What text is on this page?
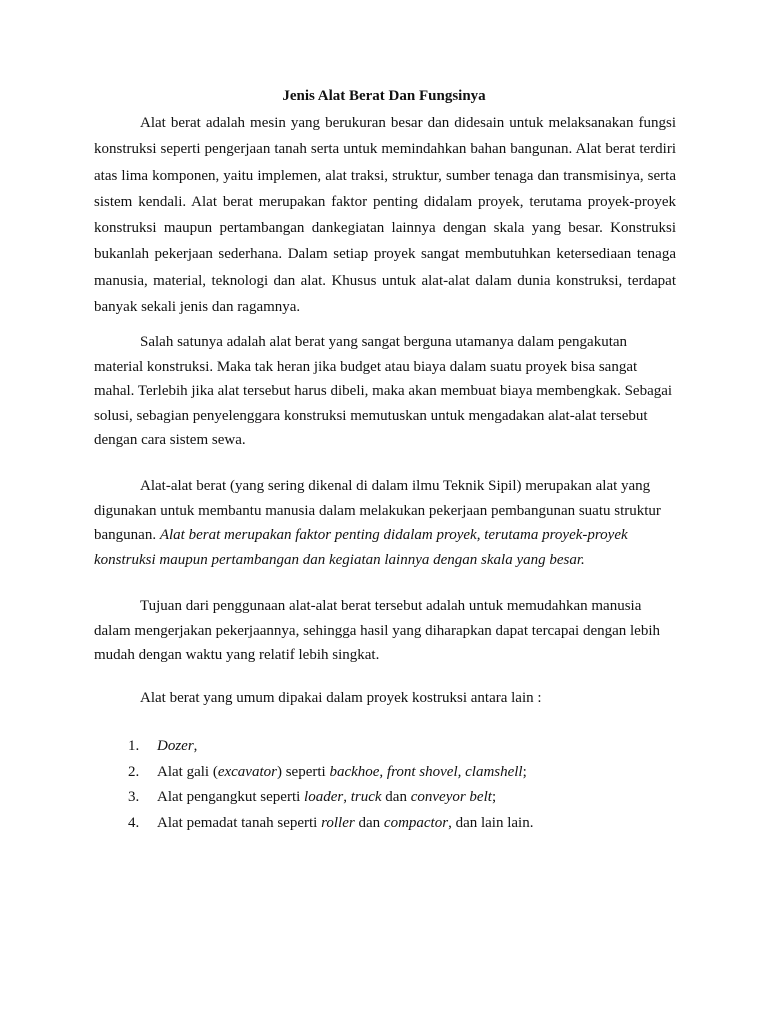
Jenis Alat Berat Dan Fungsinya

Alat berat adalah mesin yang berukuran besar dan didesain untuk melaksanakan fungsi konstruksi seperti pengerjaan tanah serta untuk memindahkan bahan bangunan. Alat berat terdiri atas lima komponen, yaitu implemen, alat traksi, struktur, sumber tenaga dan transmisinya, serta sistem kendali. Alat berat merupakan faktor penting didalam proyek, terutama proyek-proyek konstruksi maupun pertambangan dankegiatan lainnya dengan skala yang besar. Konstruksi bukanlah pekerjaan sederhana. Dalam setiap proyek sangat membutuhkan ketersediaan tenaga manusia, material, teknologi dan alat. Khusus untuk alat-alat dalam dunia konstruksi, terdapat banyak sekali jenis dan ragamnya.

Salah satunya adalah alat berat yang sangat berguna utamanya dalam pengakutan material konstruksi. Maka tak heran jika budget atau biaya dalam suatu proyek bisa sangat mahal. Terlebih jika alat tersebut harus dibeli, maka akan membuat biaya membengkak. Sebagai solusi, sebagian penyelenggara konstruksi memutuskan untuk mengadakan alat-alat tersebut dengan cara sistem sewa.

Alat-alat berat (yang sering dikenal di dalam ilmu Teknik Sipil) merupakan alat yang digunakan untuk membantu manusia dalam melakukan pekerjaan pembangunan suatu struktur bangunan. Alat berat merupakan faktor penting didalam proyek, terutama proyek-proyek konstruksi maupun pertambangan dan kegiatan lainnya dengan skala yang besar.

Tujuan dari penggunaan alat-alat berat tersebut adalah untuk memudahkan manusia dalam mengerjakan pekerjaannya, sehingga hasil yang diharapkan dapat tercapai dengan lebih mudah dengan waktu yang relatif lebih singkat.

Alat berat yang umum dipakai dalam proyek kostruksi antara lain :

1. Dozer,
2. Alat gali (excavator) seperti backhoe, front shovel, clamshell;
3. Alat pengangkut seperti loader, truck dan conveyor belt;
4. Alat pemadat tanah seperti roller dan compactor, dan lain lain.
